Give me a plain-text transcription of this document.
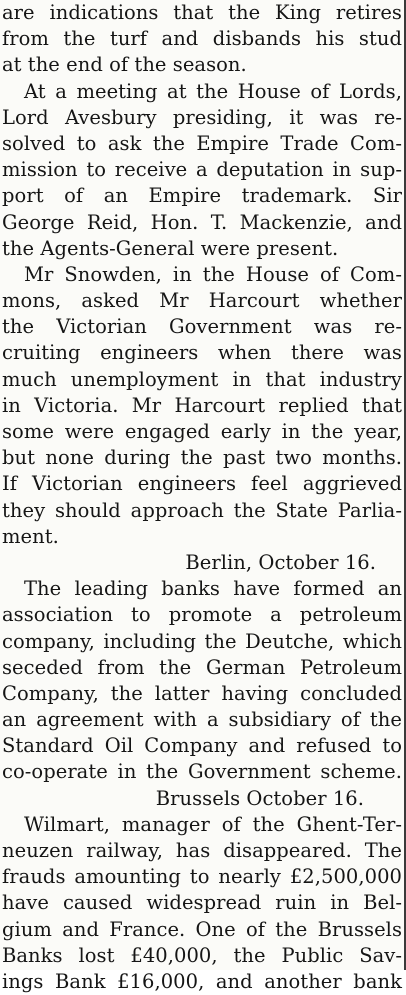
are indications that the King retires
from the turf and disbands his stud
at the end of the season.
At a meeting at the House of Lords,
Lord Avesbury presiding, it was re-
solved to ask the Empire Trade Com-
mission to receive a deputation in sup-
port of an Empire trademark. Sir
George Reid, Hon. T. Mackenzie, and
the Agents-General were present.
Mr Snowden, in the House of Com-
mons, asked Mr Harcourt whether
the Victorian Government was re-
cruiting engineers when there was
much unemployment in that industry
in Victoria. Mr Harcourt replied that
some were engaged early in the year,
but none during the past two months.
If Victorian engineers feel aggrieved
they should approach the State Parlia-
ment.
Berlin, October 16.
The leading banks have formed an
association to promote a petroleum
company, including the Deutche, which
seceded from the German Petroleum
Company, the latter having concluded
an agreement with a subsidiary of the
Standard Oil Company and refused to
co-operate in the Government scheme.
Brussels October 16.
Wilmart, manager of the Ghent-Ter-
neuzen railway, has disappeared. The
frauds amounting to nearly £2,500,000
have caused widespread ruin in Bel-
gium and France. One of the Brussels
Banks lost £40,000, the Public Sav-
ings Bank £16,000, and another bank
